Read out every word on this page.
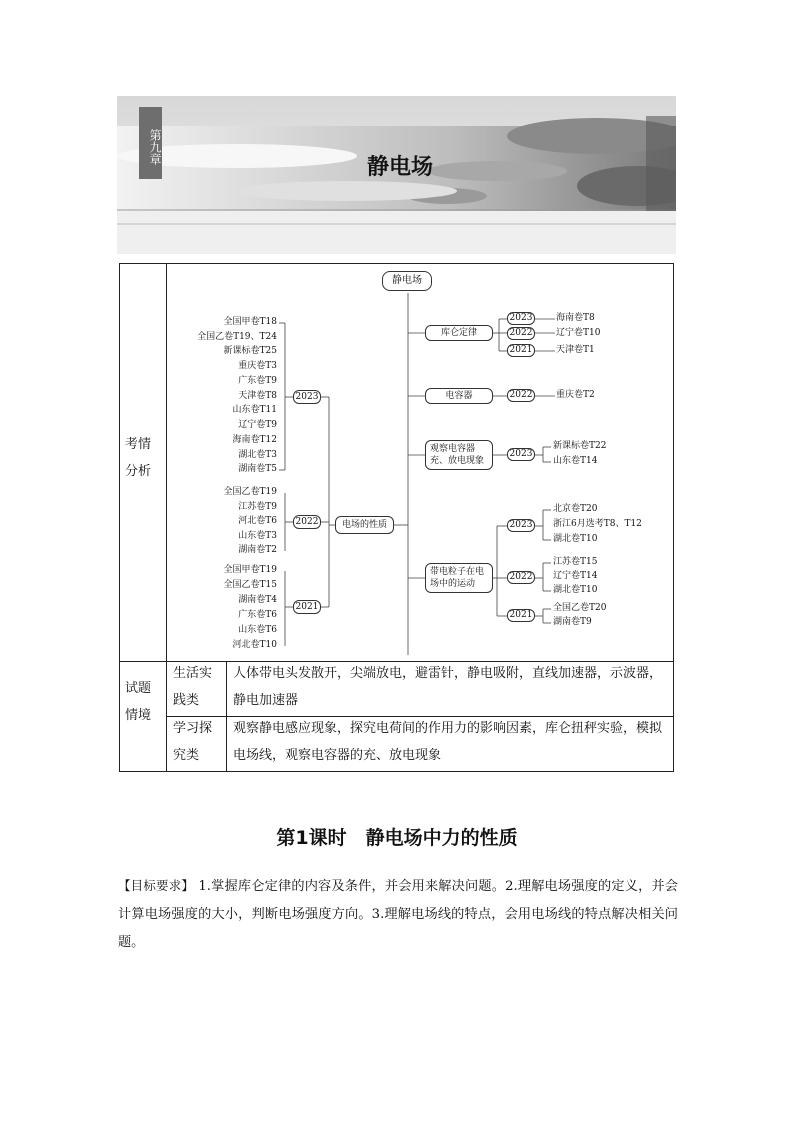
第九章
静电场
考情分析
试题情境
生活实践类
人体带电头发散开，尖端放电，避雷针，静电吸附，直线加速器，示波器，静电加速器
学习探究类
观察静电感应现象，探究电荷间的作用力的影响因素，库仑扭秤实验，模拟电场线，观察电容器的充、放电现象
静电场
电场的性质
2023
全国甲卷T18
全国乙卷T19、T24
新课标卷T25
重庆卷T3
广东卷T9
天津卷T8
山东卷T11
辽宁卷T9
海南卷T12
湖北卷T3
湖南卷T5
2022
全国乙卷T19
江苏卷T9
河北卷T6
山东卷T3
湖南卷T2
2021
全国甲卷T19
全国乙卷T15
湖南卷T4
广东卷T6
山东卷T6
河北卷T10
库仑定律
2023
2022
2021
海南卷T8
辽宁卷T10
天津卷T1
电容器	2022	重庆卷T2
观察电容器充、放电现象
2023
新课标卷T22
山东卷T14
带电粒子在电场中的运动
2023
2022
2021
北京卷T20
浙江6月选考T8、T12
湖北卷T10
江苏卷T15
辽宁卷T14
湖北卷T10
全国乙卷T20
湖南卷T9
第1课时　静电场中力的性质
【目标要求】 1.掌握库仑定律的内容及条件，并会用来解决问题。2.理解电场强度的定义，并会计算电场强度的大小，判断电场强度方向。3.理解电场线的特点，会用电场线的特点解决相关问题。
